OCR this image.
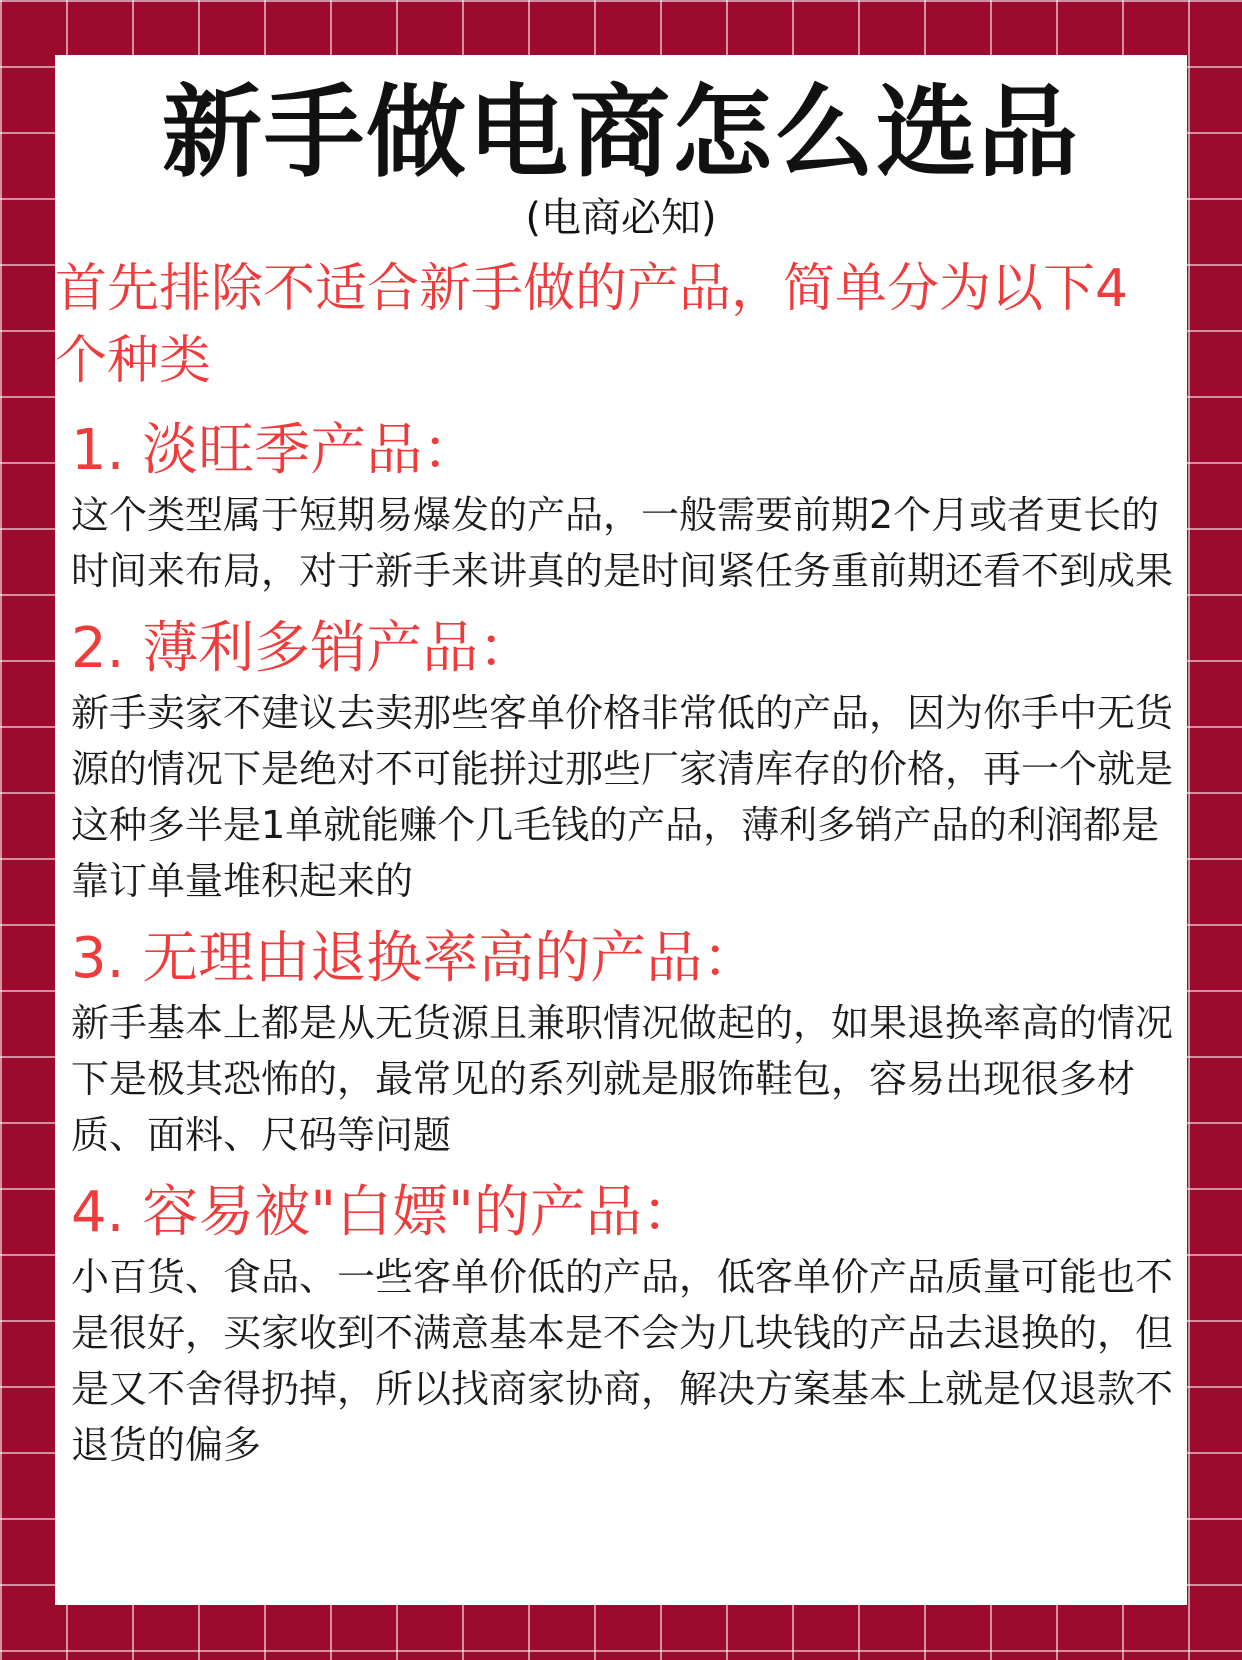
新手做电商怎么选品

(电商必知)

首先排除不适合新手做的产品，简单分为以下4个种类

1. 淡旺季产品：

这个类型属于短期易爆发的产品，一般需要前期2个月或者更长的时间来布局，对于新手来讲真的是时间紧任务重前期还看不到成果

2. 薄利多销产品：

新手卖家不建议去卖那些客单价格非常低的产品，因为你手中无货源的情况下是绝对不可能拼过那些厂家清库存的价格，再一个就是这种多半是1单就能赚个几毛钱的产品，薄利多销产品的利润都是靠订单量堆积起来的

3. 无理由退换率高的产品：

新手基本上都是从无货源且兼职情况做起的，如果退换率高的情况下是极其恐怖的，最常见的系列就是服饰鞋包，容易出现很多材质、面料、尺码等问题

4. 容易被"白嫖"的产品：

小百货、食品、一些客单价低的产品，低客单价产品质量可能也不是很好，买家收到不满意基本是不会为几块钱的产品去退换的，但是又不舍得扔掉，所以找商家协商，解决方案基本上就是仅退款不退货的偏多
